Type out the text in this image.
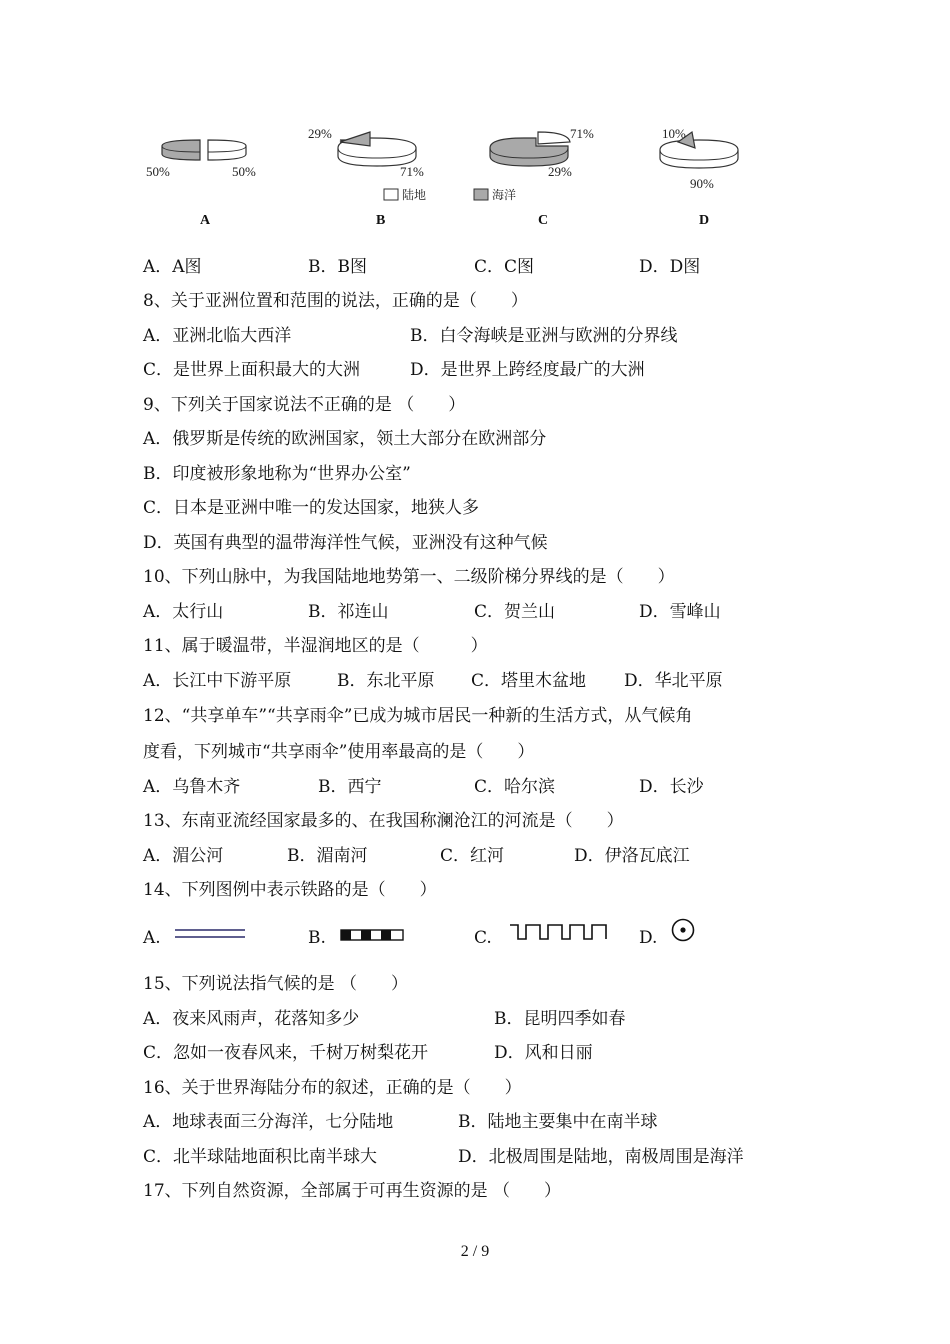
50%	50%
29%
71%
71%
29%
10%
90%
陆地	海洋
A	B	C	D
A．A图	B．B图	C．C图	D．D图
8、关于亚洲位置和范围的说法，正确的是（　　）
A．亚洲北临大西洋	B．白令海峡是亚洲与欧洲的分界线
C．是世界上面积最大的大洲	D．是世界上跨经度最广的大洲
9、下列关于国家说法不正确的是 （　　）
A．俄罗斯是传统的欧洲国家，领土大部分在欧洲部分
B．印度被形象地称为“世界办公室”
C．日本是亚洲中唯一的发达国家，地狭人多
D．英国有典型的温带海洋性气候，亚洲没有这种气候
10、下列山脉中，为我国陆地地势第一、二级阶梯分界线的是（　　）
A．太行山	B．祁连山	C．贺兰山	D．雪峰山
11、属于暖温带，半湿润地区的是（　　　）
A．长江中下游平原	B．东北平原 C．塔里木盆地 D．华北平原
12、“共享单车”“共享雨伞”已成为城市居民一种新的生活方式，从气候角
度看，下列城市“共享雨伞”使用率最高的是（　　）
A．乌鲁木齐	B．西宁	C．哈尔滨	D．长沙
13、东南亚流经国家最多的、在我国称澜沧江的河流是（　　）
A．湄公河	B．湄南河	C．红河	D．伊洛瓦底江
14、下列图例中表示铁路的是（　　）
A.	B.	C.	D.
15、下列说法指气候的是 （　　）
A．夜来风雨声，花落知多少	B．昆明四季如春
C．忽如一夜春风来，千树万树梨花开	D．风和日丽
16、关于世界海陆分布的叙述，正确的是（　　）
A．地球表面三分海洋，七分陆地	B．陆地主要集中在南半球
C．北半球陆地面积比南半球大	D．北极周围是陆地，南极周围是海洋
17、下列自然资源，全部属于可再生资源的是 （　　）
2 / 9
